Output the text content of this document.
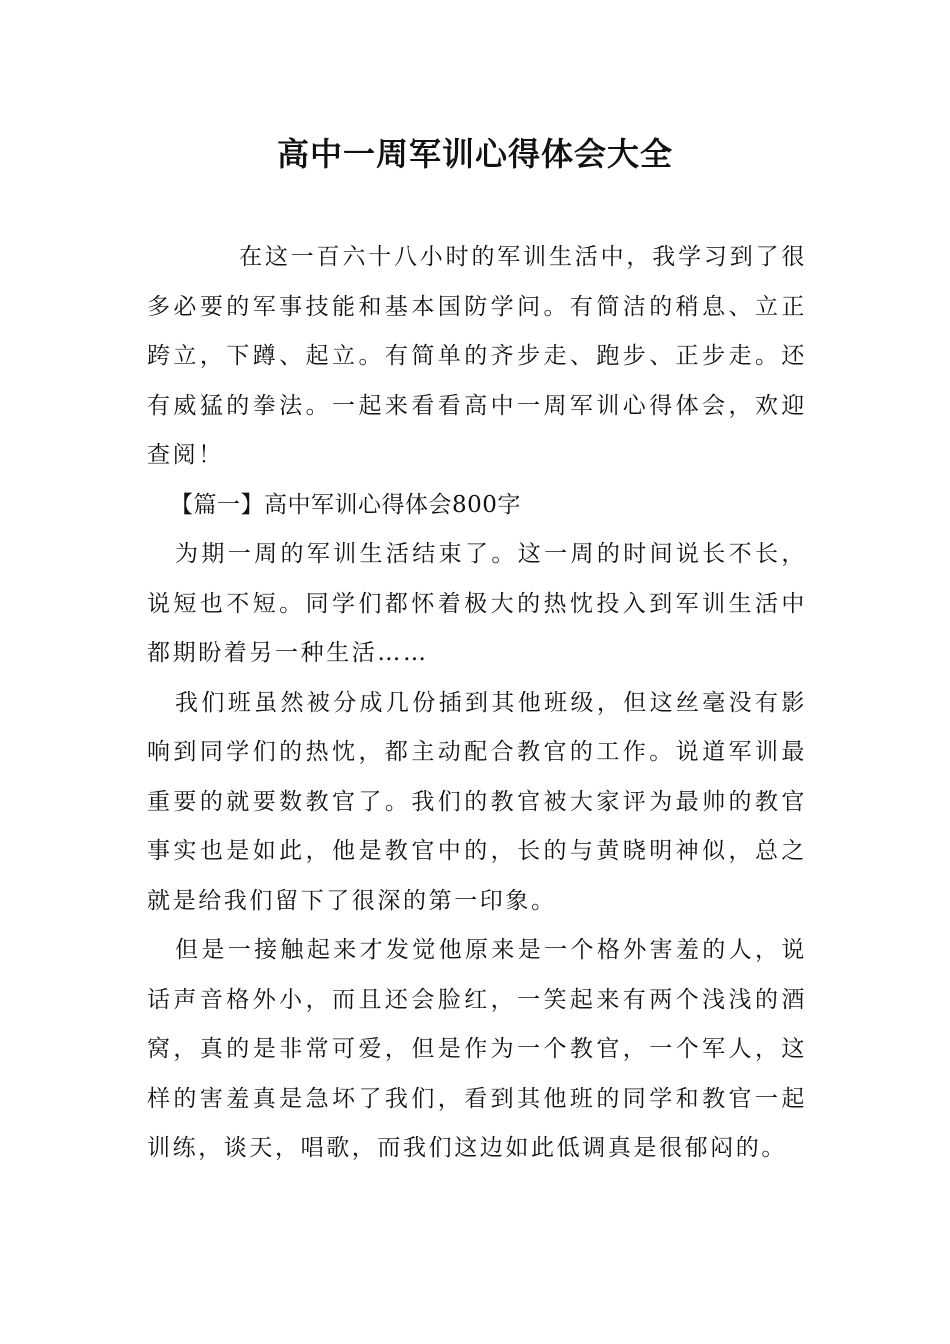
高中一周军训心得体会大全

在这一百六十八小时的军训生活中，我学习到了很多必要的军事技能和基本国防学问。有简洁的稍息、立正跨立，下蹲、起立。有简单的齐步走、跑步、正步走。还有威猛的拳法。一起来看看高中一周军训心得体会，欢迎查阅！

【篇一】高中军训心得体会800字

为期一周的军训生活结束了。这一周的时间说长不长，说短也不短。同学们都怀着极大的热忱投入到军训生活中都期盼着另一种生活……

我们班虽然被分成几份插到其他班级，但这丝毫没有影响到同学们的热忱，都主动配合教官的工作。说道军训最重要的就要数教官了。我们的教官被大家评为最帅的教官事实也是如此，他是教官中的，长的与黄晓明神似，总之就是给我们留下了很深的第一印象。

但是一接触起来才发觉他原来是一个格外害羞的人，说话声音格外小，而且还会脸红，一笑起来有两个浅浅的酒窝，真的是非常可爱，但是作为一个教官，一个军人，这样的害羞真是急坏了我们，看到其他班的同学和教官一起训练，谈天，唱歌，而我们这边如此低调真是很郁闷的。
